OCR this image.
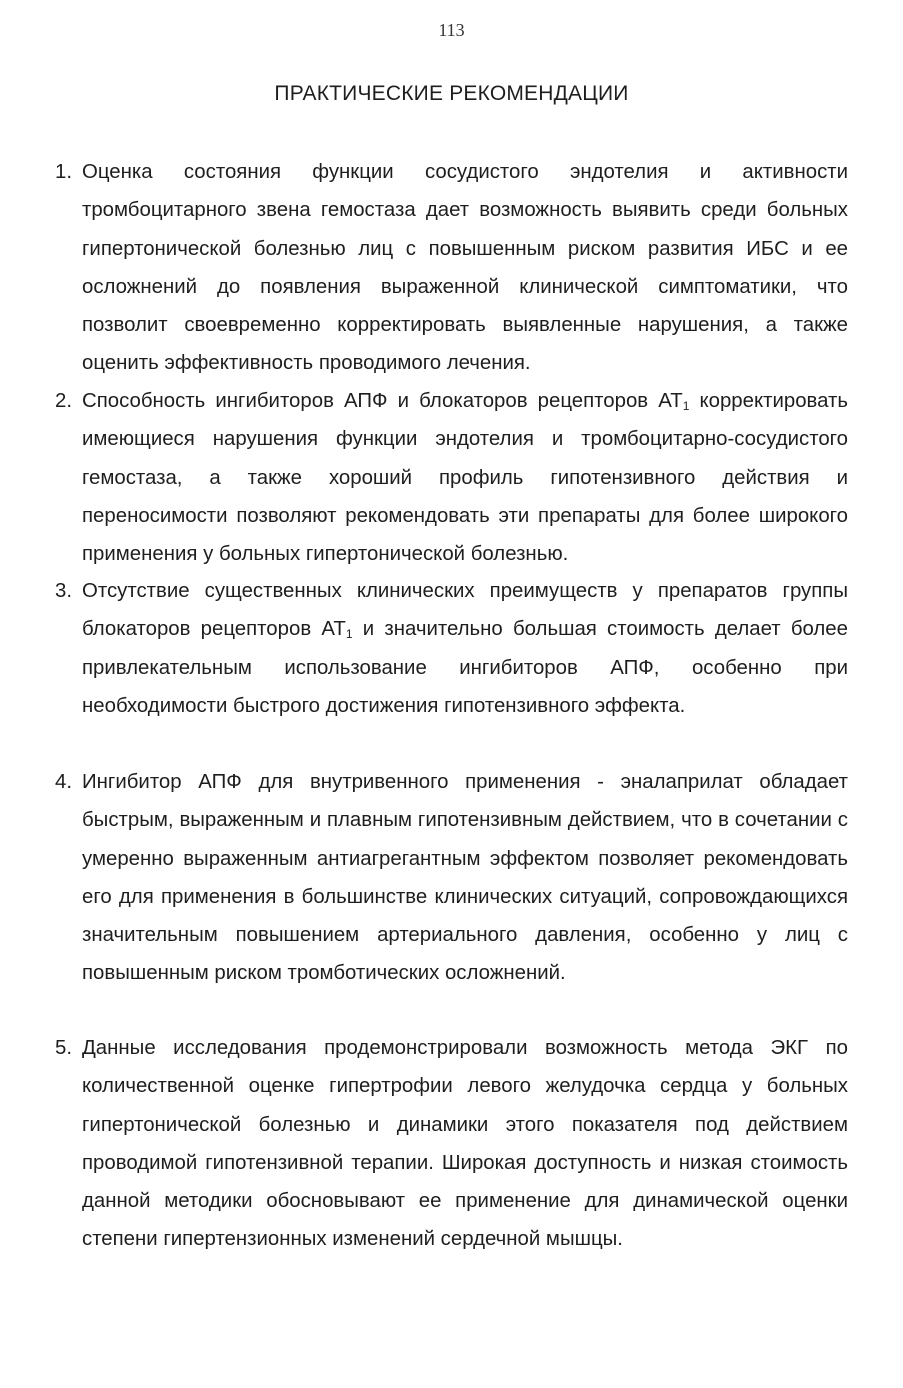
113
ПРАКТИЧЕСКИЕ РЕКОМЕНДАЦИИ
1. Оценка состояния функции сосудистого эндотелия и активности тромбоцитарного звена гемостаза дает возможность выявить среди больных гипертонической болезнью лиц с повышенным риском развития ИБС и ее осложнений до появления выраженной клинической симптоматики, что позволит своевременно корректировать выявленные нарушения, а также оценить эффективность проводимого лечения.
2. Способность ингибиторов АПФ и блокаторов рецепторов $АТ_1$ корректировать имеющиеся нарушения функции эндотелия и тромбоцитарно-сосудистого гемостаза, а также хороший профиль гипотензивного действия и переносимости позволяют рекомендовать эти препараты для более широкого применения у больных гипертонической болезнью.
3. Отсутствие существенных клинических преимуществ у препаратов группы блокаторов рецепторов $АТ_1$ и значительно большая стоимость делает более привлекательным использование ингибиторов АПФ, особенно при необходимости быстрого достижения гипотензивного эффекта.
4. Ингибитор АПФ для внутривенного применения - эналаприлат обладает быстрым, выраженным и плавным гипотензивным действием, что в сочетании с умеренно выраженным антиагрегантным эффектом позволяет рекомендовать его для применения в большинстве клинических ситуаций, сопровождающихся значительным повышением артериального давления, особенно у лиц с повышенным риском тромботических осложнений.
5. Данные исследования продемонстрировали возможность метода ЭКГ по количественной оценке гипертрофии левого желудочка сердца у больных гипертонической болезнью и динамики этого показателя под действием проводимой гипотензивной терапии. Широкая доступность и низкая стоимость данной методики обосновывают ее применение для динамической оценки степени гипертензионных изменений сердечной мышцы.
